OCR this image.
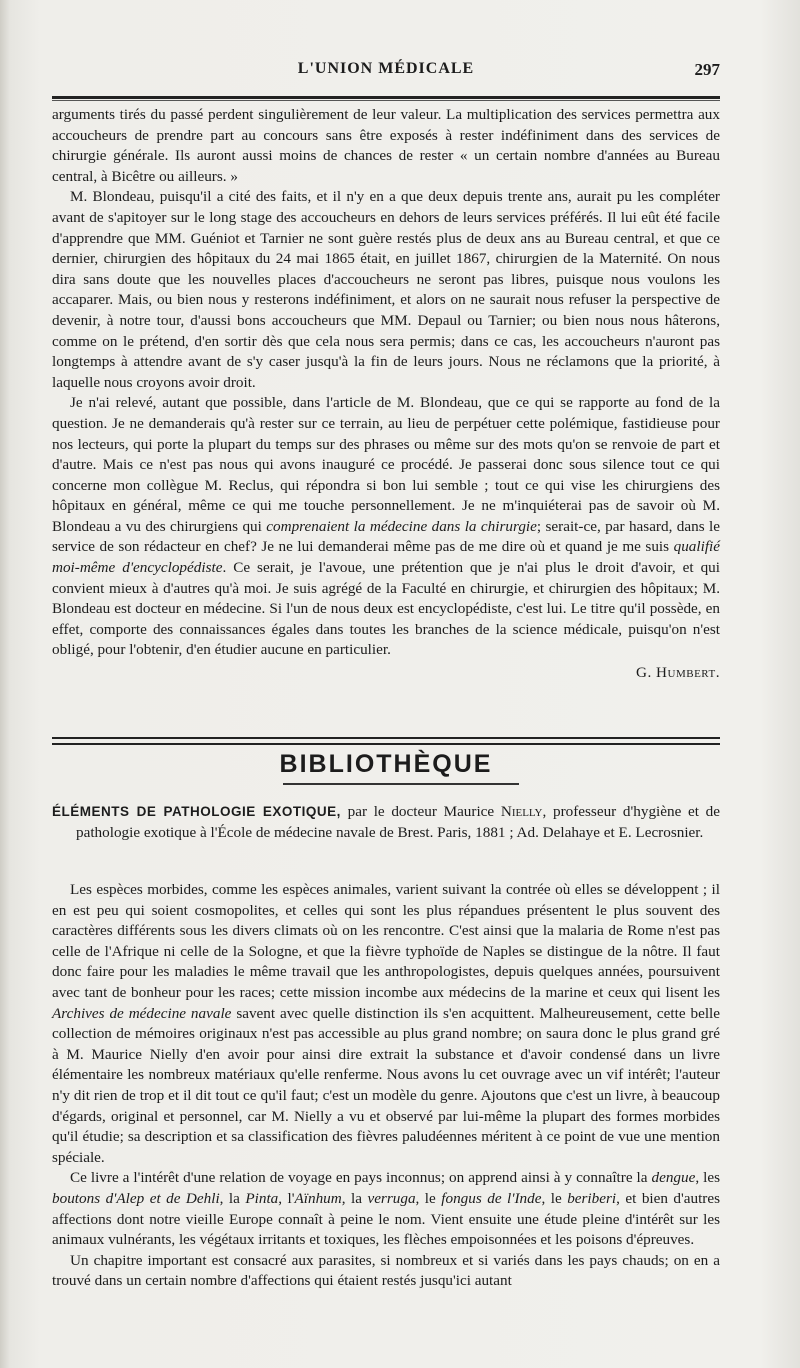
L'UNION MÉDICALE	297

arguments tirés du passé perdent singulièrement de leur valeur. La multiplication des services permettra aux accoucheurs de prendre part au concours sans être exposés à rester indéfiniment dans des services de chirurgie générale. Ils auront aussi moins de chances de rester « un certain nombre d'années au Bureau central, à Bicêtre ou ailleurs. »

M. Blondeau, puisqu'il a cité des faits, et il n'y en a que deux depuis trente ans, aurait pu les compléter avant de s'apitoyer sur le long stage des accoucheurs en dehors de leurs services préférés. Il lui eût été facile d'apprendre que MM. Guéniot et Tarnier ne sont guère restés plus de deux ans au Bureau central, et que ce dernier, chirurgien des hôpitaux du 24 mai 1865 était, en juillet 1867, chirurgien de la Maternité. On nous dira sans doute que les nouvelles places d'accoucheurs ne seront pas libres, puisque nous voulons les accaparer. Mais, ou bien nous y resterons indéfiniment, et alors on ne saurait nous refuser la perspective de devenir, à notre tour, d'aussi bons accoucheurs que MM. Depaul ou Tarnier; ou bien nous nous hâterons, comme on le prétend, d'en sortir dès que cela nous sera permis; dans ce cas, les accoucheurs n'auront pas longtemps à attendre avant de s'y caser jusqu'à la fin de leurs jours. Nous ne réclamons que la priorité, à laquelle nous croyons avoir droit.

Je n'ai relevé, autant que possible, dans l'article de M. Blondeau, que ce qui se rapporte au fond de la question. Je ne demanderais qu'à rester sur ce terrain, au lieu de perpétuer cette polémique, fastidieuse pour nos lecteurs, qui porte la plupart du temps sur des phrases ou même sur des mots qu'on se renvoie de part et d'autre. Mais ce n'est pas nous qui avons inauguré ce procédé. Je passerai donc sous silence tout ce qui concerne mon collègue M. Reclus, qui répondra si bon lui semble ; tout ce qui vise les chirurgiens des hôpitaux en général, même ce qui me touche personnellement. Je ne m'inquiéterai pas de savoir où M. Blondeau a vu des chirurgiens qui comprenaient la médecine dans la chirurgie; serait-ce, par hasard, dans le service de son rédacteur en chef? Je ne lui demanderai même pas de me dire où et quand je me suis qualifié moi-même d'encyclopédiste. Ce serait, je l'avoue, une prétention que je n'ai plus le droit d'avoir, et qui convient mieux à d'autres qu'à moi. Je suis agrégé de la Faculté en chirurgie, et chirurgien des hôpitaux; M. Blondeau est docteur en médecine. Si l'un de nous deux est encyclopédiste, c'est lui. Le titre qu'il possède, en effet, comporte des connaissances égales dans toutes les branches de la science médicale, puisqu'on n'est obligé, pour l'obtenir, d'en étudier aucune en particulier.

G. Humbert.
BIBLIOTHÈQUE
ÉLÉMENTS DE PATHOLOGIE EXOTIQUE, par le docteur Maurice Nielly, professeur d'hygiène et de pathologie exotique à l'École de médecine navale de Brest. Paris, 1881 ; Ad. Delahaye et E. Lecrosnier.

Les espèces morbides, comme les espèces animales, varient suivant la contrée où elles se développent ; il en est peu qui soient cosmopolites, et celles qui sont les plus répandues présentent le plus souvent des caractères différents sous les divers climats où on les rencontre. C'est ainsi que la malaria de Rome n'est pas celle de l'Afrique ni celle de la Sologne, et que la fièvre typhoïde de Naples se distingue de la nôtre. Il faut donc faire pour les maladies le même travail que les anthropologistes, depuis quelques années, poursuivent avec tant de bonheur pour les races; cette mission incombe aux médecins de la marine et ceux qui lisent les Archives de médecine navale savent avec quelle distinction ils s'en acquittent. Malheureusement, cette belle collection de mémoires originaux n'est pas accessible au plus grand nombre; on saura donc le plus grand gré à M. Maurice Nielly d'en avoir pour ainsi dire extrait la substance et d'avoir condensé dans un livre élémentaire les nombreux matériaux qu'elle renferme. Nous avons lu cet ouvrage avec un vif intérêt; l'auteur n'y dit rien de trop et il dit tout ce qu'il faut; c'est un modèle du genre. Ajoutons que c'est un livre, à beaucoup d'égards, original et personnel, car M. Nielly a vu et observé par lui-même la plupart des formes morbides qu'il étudie; sa description et sa classification des fièvres paludéennes méritent à ce point de vue une mention spéciale.

Ce livre a l'intérêt d'une relation de voyage en pays inconnus; on apprend ainsi à y connaître la dengue, les boutons d'Alep et de Dehli, la Pinta, l'Aïnhum, la verruga, le fongus de l'Inde, le beriberi, et bien d'autres affections dont notre vieille Europe connaît à peine le nom. Vient ensuite une étude pleine d'intérêt sur les animaux vulnérants, les végétaux irritants et toxiques, les flèches empoisonnées et les poisons d'épreuves.

Un chapitre important est consacré aux parasites, si nombreux et si variés dans les pays chauds; on en a trouvé dans un certain nombre d'affections qui étaient restés jusqu'ici autant
